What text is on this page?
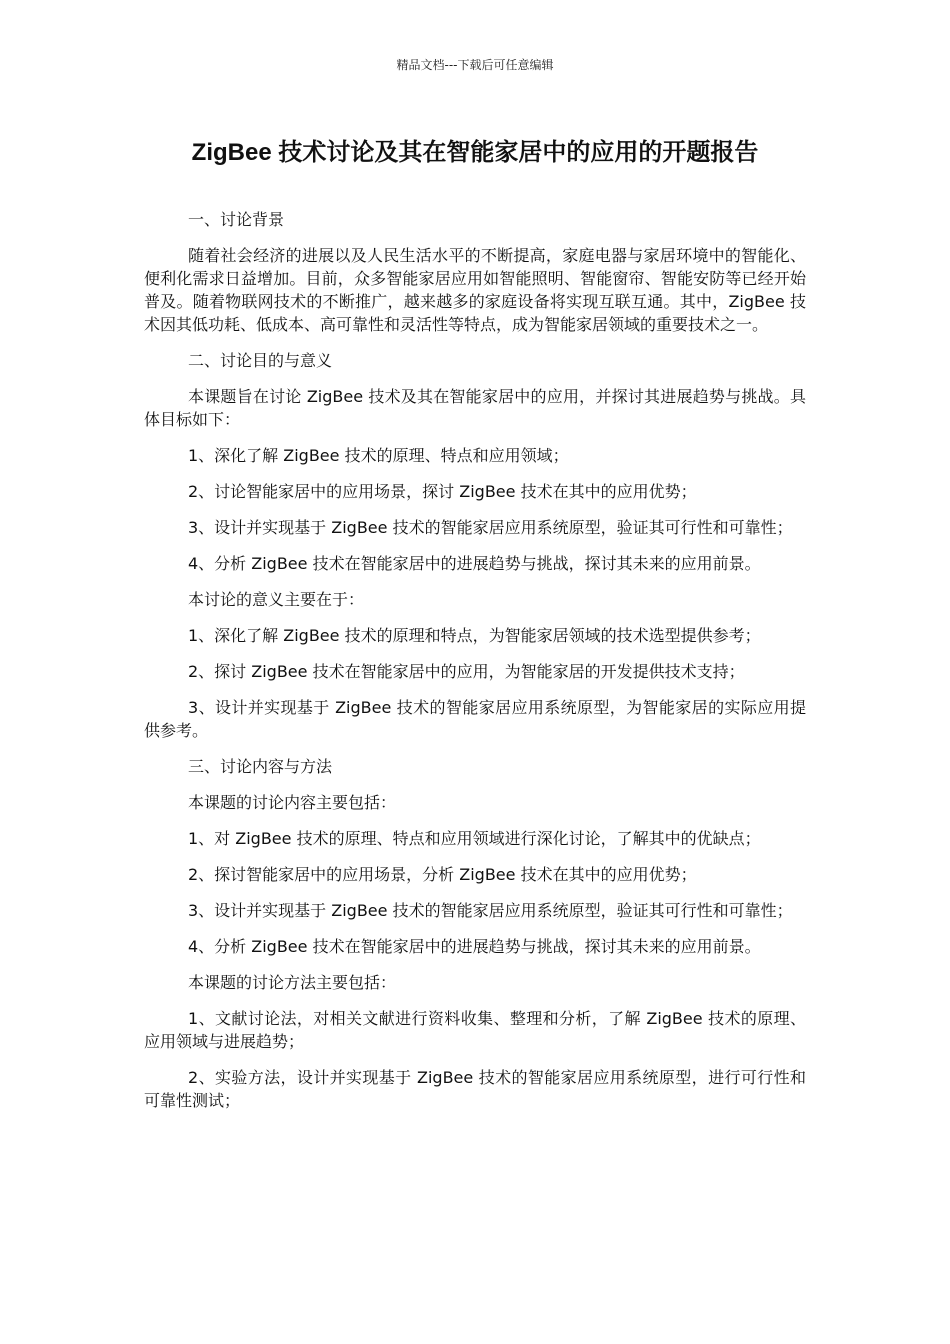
精品文档---下载后可任意编辑
ZigBee 技术讨论及其在智能家居中的应用的开题报告

一、讨论背景

随着社会经济的进展以及人民生活水平的不断提高，家庭电器与家居环境中的智能化、便利化需求日益增加。目前，众多智能家居应用如智能照明、智能窗帘、智能安防等已经开始普及。随着物联网技术的不断推广，越来越多的家庭设备将实现互联互通。其中，ZigBee 技术因其低功耗、低成本、高可靠性和灵活性等特点，成为智能家居领域的重要技术之一。

二、讨论目的与意义

本课题旨在讨论 ZigBee 技术及其在智能家居中的应用，并探讨其进展趋势与挑战。具体目标如下：

1、深化了解 ZigBee 技术的原理、特点和应用领域；

2、讨论智能家居中的应用场景，探讨 ZigBee 技术在其中的应用优势；

3、设计并实现基于 ZigBee 技术的智能家居应用系统原型，验证其可行性和可靠性；

4、分析 ZigBee 技术在智能家居中的进展趋势与挑战，探讨其未来的应用前景。

本讨论的意义主要在于：

1、深化了解 ZigBee 技术的原理和特点，为智能家居领域的技术选型提供参考；

2、探讨 ZigBee 技术在智能家居中的应用，为智能家居的开发提供技术支持；

3、设计并实现基于 ZigBee 技术的智能家居应用系统原型，为智能家居的实际应用提供参考。

三、讨论内容与方法

本课题的讨论内容主要包括：

1、对 ZigBee 技术的原理、特点和应用领域进行深化讨论，了解其中的优缺点；

2、探讨智能家居中的应用场景，分析 ZigBee 技术在其中的应用优势；

3、设计并实现基于 ZigBee 技术的智能家居应用系统原型，验证其可行性和可靠性；

4、分析 ZigBee 技术在智能家居中的进展趋势与挑战，探讨其未来的应用前景。

本课题的讨论方法主要包括：

1、文献讨论法，对相关文献进行资料收集、整理和分析，了解 ZigBee 技术的原理、应用领域与进展趋势；

2、实验方法，设计并实现基于 ZigBee 技术的智能家居应用系统原型，进行可行性和可靠性测试；
